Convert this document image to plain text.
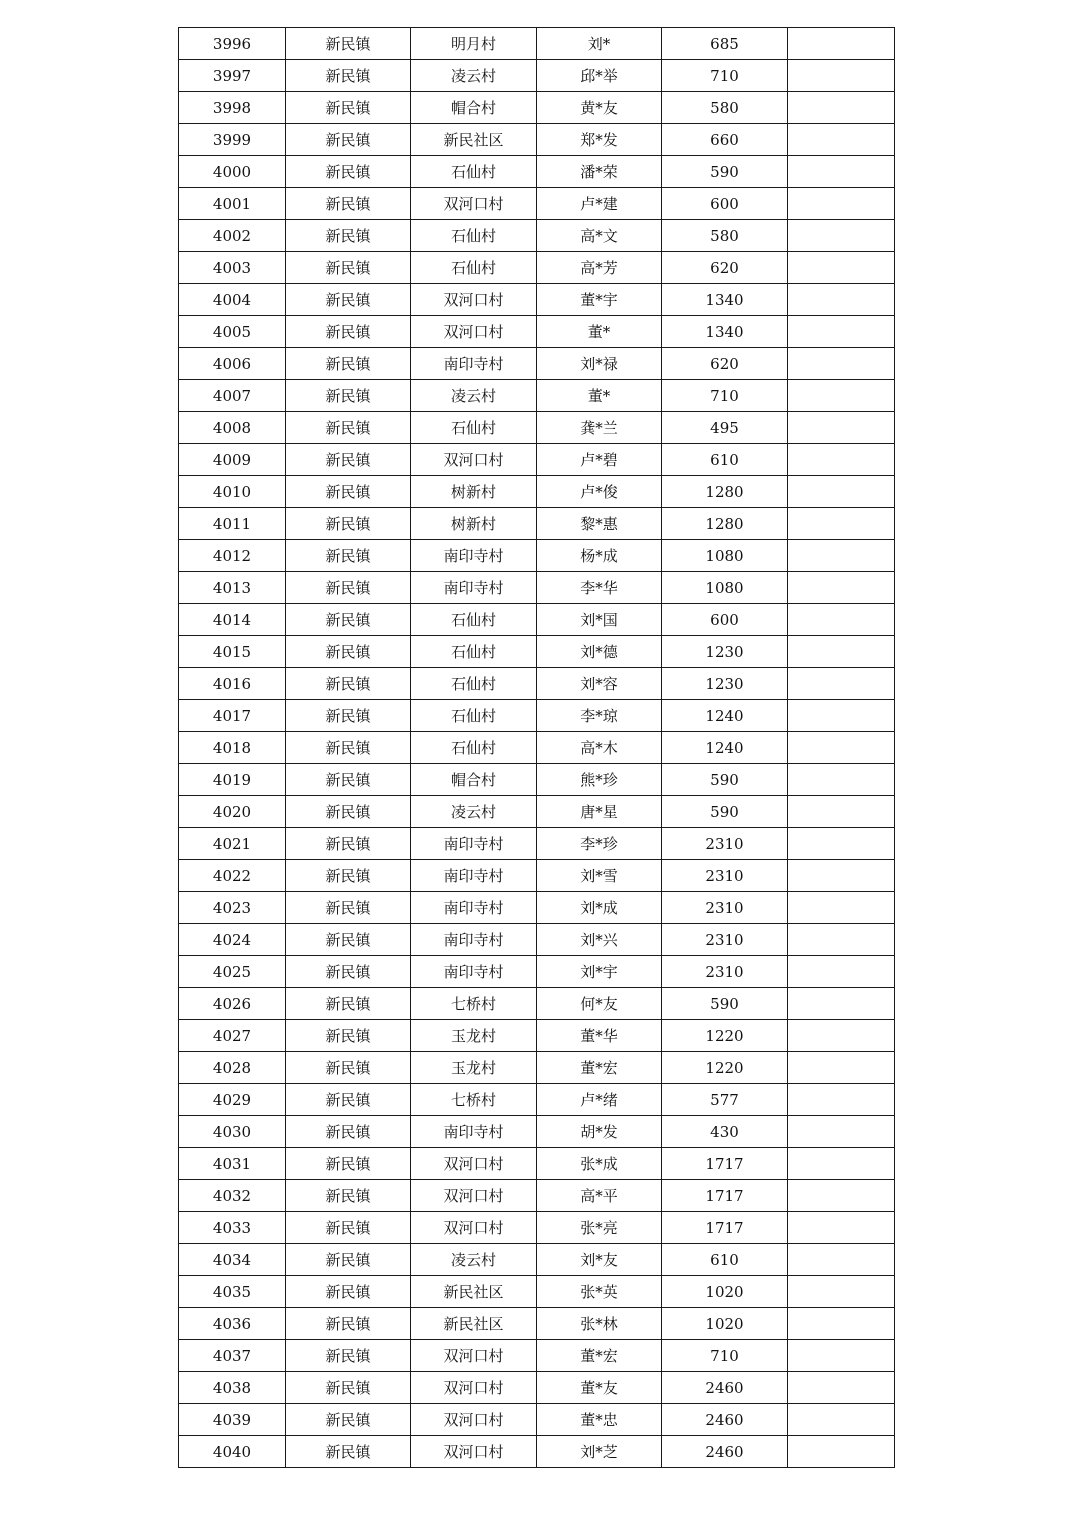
3996	新民镇	明月村	刘*	685	
3997	新民镇	凌云村	邱*举	710	
3998	新民镇	帽合村	黄*友	580	
3999	新民镇	新民社区	郑*发	660	
4000	新民镇	石仙村	潘*荣	590	
4001	新民镇	双河口村	卢*建	600	
4002	新民镇	石仙村	高*文	580	
4003	新民镇	石仙村	高*芳	620	
4004	新民镇	双河口村	董*宇	1340	
4005	新民镇	双河口村	董*	1340	
4006	新民镇	南印寺村	刘*禄	620	
4007	新民镇	凌云村	董*	710	
4008	新民镇	石仙村	龚*兰	495	
4009	新民镇	双河口村	卢*碧	610	
4010	新民镇	树新村	卢*俊	1280	
4011	新民镇	树新村	黎*惠	1280	
4012	新民镇	南印寺村	杨*成	1080	
4013	新民镇	南印寺村	李*华	1080	
4014	新民镇	石仙村	刘*国	600	
4015	新民镇	石仙村	刘*德	1230	
4016	新民镇	石仙村	刘*容	1230	
4017	新民镇	石仙村	李*琼	1240	
4018	新民镇	石仙村	高*木	1240	
4019	新民镇	帽合村	熊*珍	590	
4020	新民镇	凌云村	唐*星	590	
4021	新民镇	南印寺村	李*珍	2310	
4022	新民镇	南印寺村	刘*雪	2310	
4023	新民镇	南印寺村	刘*成	2310	
4024	新民镇	南印寺村	刘*兴	2310	
4025	新民镇	南印寺村	刘*宇	2310	
4026	新民镇	七桥村	何*友	590	
4027	新民镇	玉龙村	董*华	1220	
4028	新民镇	玉龙村	董*宏	1220	
4029	新民镇	七桥村	卢*绪	577	
4030	新民镇	南印寺村	胡*发	430	
4031	新民镇	双河口村	张*成	1717	
4032	新民镇	双河口村	高*平	1717	
4033	新民镇	双河口村	张*亮	1717	
4034	新民镇	凌云村	刘*友	610	
4035	新民镇	新民社区	张*英	1020	
4036	新民镇	新民社区	张*林	1020	
4037	新民镇	双河口村	董*宏	710	
4038	新民镇	双河口村	董*友	2460	
4039	新民镇	双河口村	董*忠	2460	
4040	新民镇	双河口村	刘*芝	2460	
